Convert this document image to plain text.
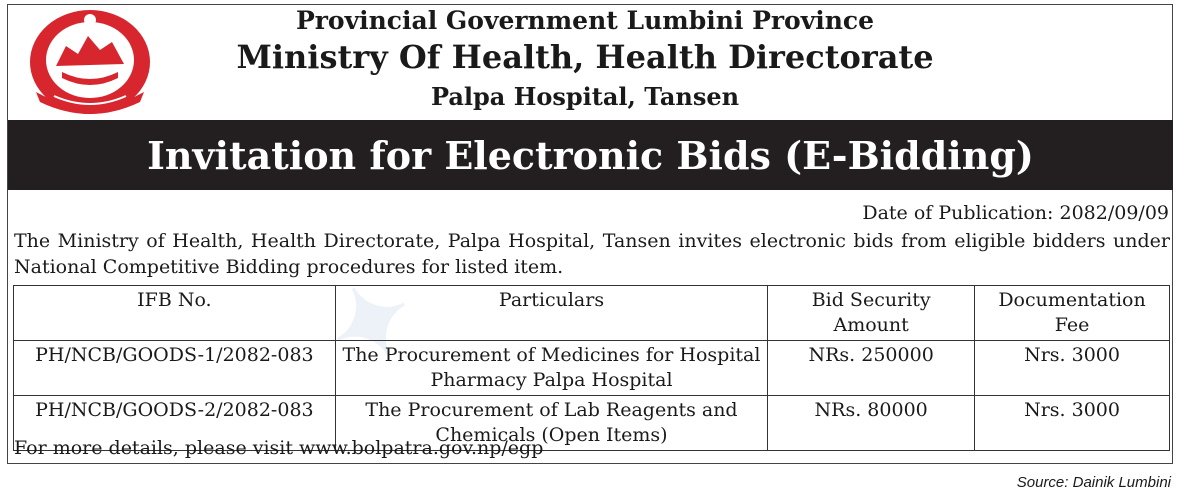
✦
Provincial Government Lumbini Province
Ministry Of Health, Health Directorate
Palpa Hospital, Tansen
Invitation for Electronic Bids (E-Bidding)
Date of Publication: 2082/09/09
The Ministry of Health, Health Directorate, Palpa Hospital, Tansen invites electronic bids from eligible bidders under National Competitive Bidding procedures for listed item.
IFB No.	Particulars	Bid Security Amount	Documentation Fee
PH/NCB/GOODS-1/2082-083	The Procurement of Medicines for Hospital Pharmacy Palpa Hospital	NRs. 250000	Nrs. 3000
PH/NCB/GOODS-2/2082-083	The Procurement of Lab Reagents and Chemicals (Open Items)	NRs. 80000	Nrs. 3000
For more details, please visit www.bolpatra.gov.np/egp
Source: Dainik Lumbini
